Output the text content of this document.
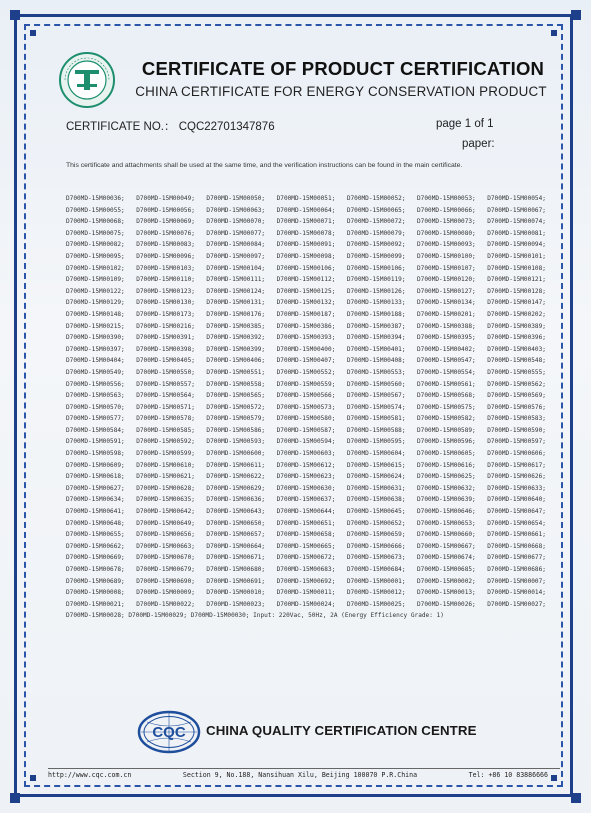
CERTIFICATE OF PRODUCT CERTIFICATION
CHINA CERTIFICATE FOR ENERGY CONSERVATION PRODUCT
CERTIFICATE NO.： CQC22701347876	page 1 of 1
paper:
This certificate and attachments shall be used at the same time, and the verification instructions can be found in the main certificate.
D700MD-15M00036; D700MD-15M00049; D700MD-15M00050; D700MD-15M00051; D700MD-15M00052; D700MD-15M00053; D700MD-15M00054;
D700MD-15M00055; D700MD-15M00056; D700MD-15M00063; D700MD-15M00064; D700MD-15M00065; D700MD-15M00066; D700MD-15M00067;
D700MD-15M00068; D700MD-15M00069; D700MD-15M00070; D700MD-15M00071; D700MD-15M00072; D700MD-15M00073; D700MD-15M00074;
D700MD-15M00075; D700MD-15M00076; D700MD-15M00077; D700MD-15M00078; D700MD-15M00079; D700MD-15M00080; D700MD-15M00081;
D700MD-15M00082; D700MD-15M00083; D700MD-15M00084; D700MD-15M00091; D700MD-15M00092; D700MD-15M00093; D700MD-15M00094;
D700MD-15M00095; D700MD-15M00096; D700MD-15M00097; D700MD-15M00098; D700MD-15M00099; D700MD-15M00100; D700MD-15M00101;
D700MD-15M00102; D700MD-15M00103; D700MD-15M00104; D700MD-15M00106; D700MD-15M00106; D700MD-15M00107; D700MD-15M00108;
D700MD-15M00109; D700MD-15M00110; D700MD-15M00111; D700MD-15M00112; D700MD-15M00119; D700MD-15M00120; D700MD-15M00121;
D700MD-15M00122; D700MD-15M00123; D700MD-15M00124; D700MD-15M00125; D700MD-15M00126; D700MD-15M00127; D700MD-15M00128;
D700MD-15M00129; D700MD-15M00130; D700MD-15M00131; D700MD-15M00132; D700MD-15M00133; D700MD-15M00134; D700MD-15M00147;
D700MD-15M00148; D700MD-15M00173; D700MD-15M00176; D700MD-15M00187; D700MD-15M00188; D700MD-15M00201; D700MD-15M00202;
D700MD-15M00215; D700MD-15M00216; D700MD-15M00385; D700MD-15M00386; D700MD-15M00387; D700MD-15M00388; D700MD-15M00389;
D700MD-15M00390; D700MD-15M00391; D700MD-15M00392; D700MD-15M00393; D700MD-15M00394; D700MD-15M00395; D700MD-15M00396;
D700MD-15M00397; D700MD-15M00398; D700MD-15M00399; D700MD-15M00400; D700MD-15M00401; D700MD-15M00402; D700MD-15M00403;
D700MD-15M00404; D700MD-15M00405; D700MD-15M00406; D700MD-15M00407; D700MD-15M00408; D700MD-15M00547; D700MD-15M00548;
D700MD-15M00549; D700MD-15M00550; D700MD-15M00551; D700MD-15M00552; D700MD-15M00553; D700MD-15M00554; D700MD-15M00555;
D700MD-15M00556; D700MD-15M00557; D700MD-15M00558; D700MD-15M00559; D700MD-15M00560; D700MD-15M00561; D700MD-15M00562;
D700MD-15M00563; D700MD-15M00564; D700MD-15M00565; D700MD-15M00566; D700MD-15M00567; D700MD-15M00568; D700MD-15M00569;
D700MD-15M00570; D700MD-15M00571; D700MD-15M00572; D700MD-15M00573; D700MD-15M00574; D700MD-15M00575; D700MD-15M00576;
D700MD-15M00577; D700MD-15M00578; D700MD-15M00579; D700MD-15M00580; D700MD-15M00581; D700MD-15M00582; D700MD-15M00583;
D700MD-15M00584; D700MD-15M00585; D700MD-15M00586; D700MD-15M00587; D700MD-15M00588; D700MD-15M00589; D700MD-15M00590;
D700MD-15M00591; D700MD-15M00592; D700MD-15M00593; D700MD-15M00594; D700MD-15M00595; D700MD-15M00596; D700MD-15M00597;
D700MD-15M00598; D700MD-15M00599; D700MD-15M00600; D700MD-15M00603; D700MD-15M00604; D700MD-15M00605; D700MD-15M00606;
D700MD-15M00609; D700MD-15M00610; D700MD-15M00611; D700MD-15M00612; D700MD-15M00615; D700MD-15M00616; D700MD-15M00617;
D700MD-15M00618; D700MD-15M00621; D700MD-15M00622; D700MD-15M00623; D700MD-15M00624; D700MD-15M00625; D700MD-15M00626;
D700MD-15M00627; D700MD-15M00628; D700MD-15M00629; D700MD-15M00630; D700MD-15M00631; D700MD-15M00632; D700MD-15M00633;
D700MD-15M00634; D700MD-15M00635; D700MD-15M00636; D700MD-15M00637; D700MD-15M00638; D700MD-15M00639; D700MD-15M00640;
D700MD-15M00641; D700MD-15M00642; D700MD-15M00643; D700MD-15M00644; D700MD-15M00645; D700MD-15M00646; D700MD-15M00647;
D700MD-15M00648; D700MD-15M00649; D700MD-15M00650; D700MD-15M00651; D700MD-15M00652; D700MD-15M00653; D700MD-15M00654;
D700MD-15M00655; D700MD-15M00656; D700MD-15M00657; D700MD-15M00658; D700MD-15M00659; D700MD-15M00660; D700MD-15M00661;
D700MD-15M00662; D700MD-15M00663; D700MD-15M00664; D700MD-15M00665; D700MD-15M00666; D700MD-15M00667; D700MD-15M00668;
D700MD-15M00669; D700MD-15M00670; D700MD-15M00671; D700MD-15M00672; D700MD-15M00673; D700MD-15M00674; D700MD-15M00677;
D700MD-15M00678; D700MD-15M00679; D700MD-15M00680; D700MD-15M00683; D700MD-15M00684; D700MD-15M00685; D700MD-15M00686;
D700MD-15M00689; D700MD-15M00690; D700MD-15M00691; D700MD-15M00692; D700MD-15M00001; D700MD-15M00002; D700MD-15M00007;
D700MD-15M00008; D700MD-15M00009; D700MD-15M00010; D700MD-15M00011; D700MD-15M00012; D700MD-15M00013; D700MD-15M00014;
D700MD-15M00021; D700MD-15M00022; D700MD-15M00023; D700MD-15M00024; D700MD-15M00025; D700MD-15M00026; D700MD-15M00027;
D700MD-15M00028; D700MD-15M00029; D700MD-15M00030; Input: 220Vac, 50Hz, 2A (Energy Efficiency Grade: 1)
CQC CHINA QUALITY CERTIFICATION CENTRE
http://www.cqc.com.cn	Section 9, No.188, Nansihuan Xilu, Beijing 100070 P.R.China	Tel: +86 10 83886666
